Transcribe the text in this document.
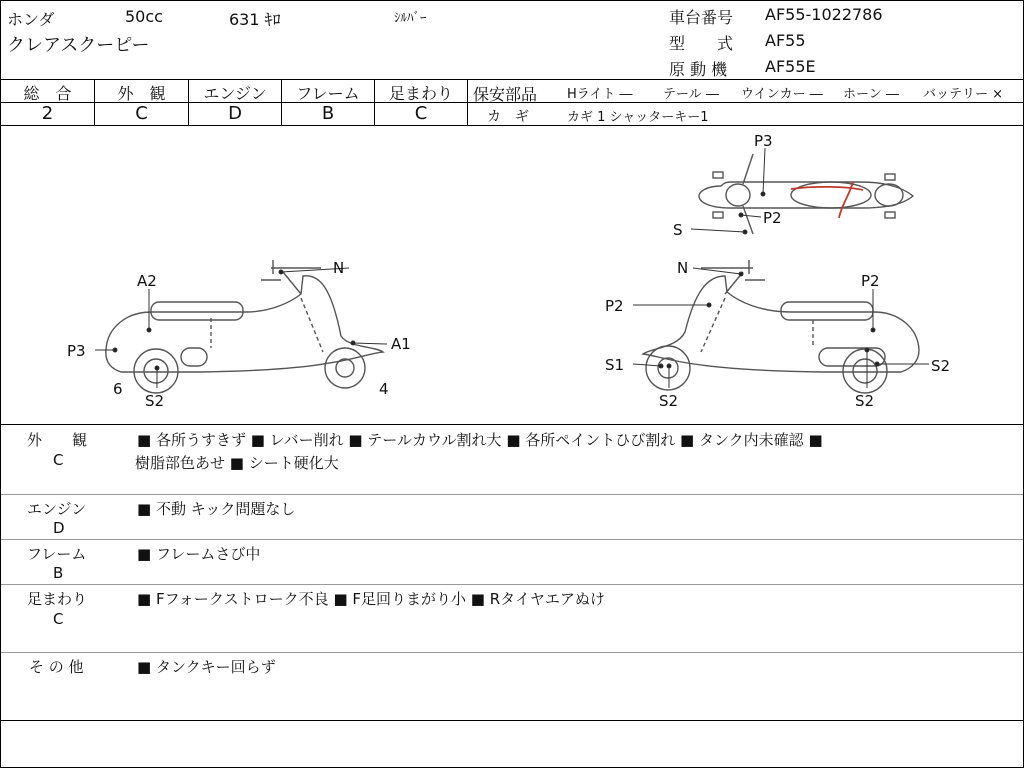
ホンダ	50cc	631 ｷﾛ	ｼﾙﾊﾞｰ
クレアスクーピー
車台番号 AF55-1022786
型　　式 AF55
原 動 機 AF55E
総　合	外　観	エンジン	フレーム	足まわり
2	C	D	B	C
保安部品 Hライト ― テール ― ウインカー ― ホーン ― バッテリー ×
カ　ギ	カギ 1 シャッターキー1
P3
P2
S
N
A2
A1
P3
6	4
S2
N
P2
P2
S1
S2
S2
S2
外　　観
C
■ 各所うすきず ■ レバー削れ ■ テールカウル割れ大 ■ 各所ペイントひび割れ ■ タンク内未確認 ■
樹脂部色あせ ■ シート硬化大
エンジン
D
■ 不動 キック問題なし
フレーム
B
■ フレームさび中
足まわり
C
■ Fフォークストローク不良 ■ F足回りまがり小 ■ Rタイヤエアぬけ
そ の 他	■ タンクキー回らず
